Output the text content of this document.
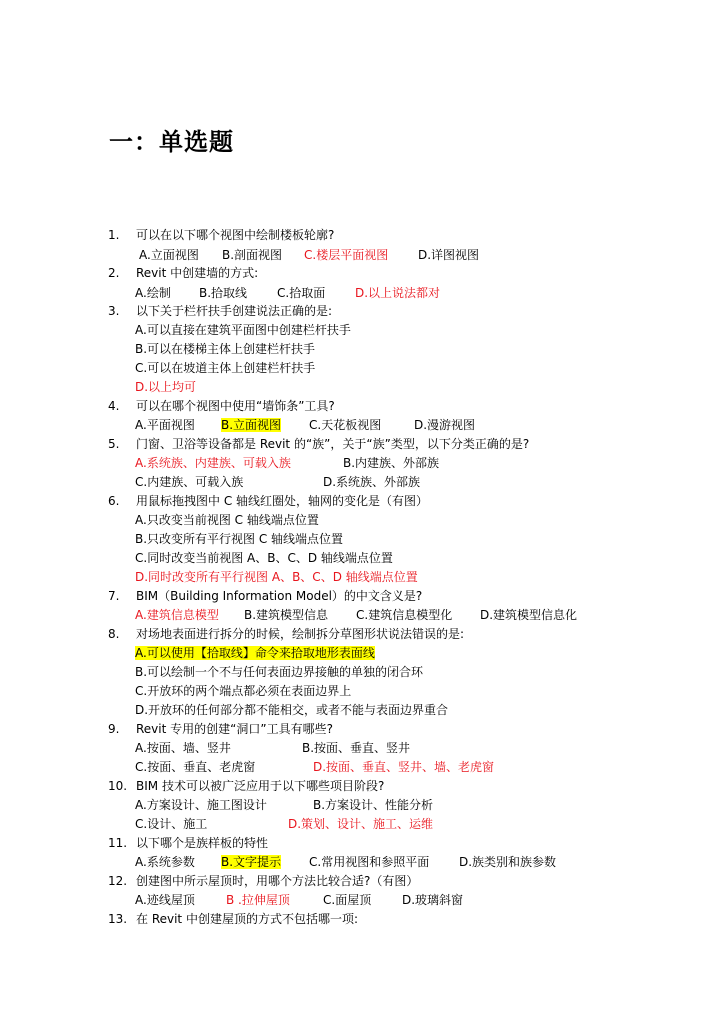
一：单选题
1. 可以在以下哪个视图中绘制楼板轮廓?
A.立面视图 B.剖面视图 C.楼层平面视图 D.详图视图
2. Revit 中创建墙的方式:
A.绘制 B.拾取线 C.拾取面 D.以上说法都对
3. 以下关于栏杆扶手创建说法正确的是:
A.可以直接在建筑平面图中创建栏杆扶手
B.可以在楼梯主体上创建栏杆扶手
C.可以在坡道主体上创建栏杆扶手
D.以上均可
4. 可以在哪个视图中使用“墙饰条”工具?
A.平面视图 B.立面视图 C.天花板视图	D.漫游视图
5. 门窗、卫浴等设备都是 Revit 的“族”，关于“族”类型，以下分类正确的是?
A.系统族、内建族、可载入族	B.内建族、外部族
C.内建族、可载入族	D.系统族、外部族
6. 用鼠标拖拽图中 C 轴线红圈处，轴网的变化是（有图）
A.只改变当前视图 C 轴线端点位置
B.只改变所有平行视图 C 轴线端点位置
C.同时改变当前视图 A、B、C、D 轴线端点位置
D.同时改变所有平行视图 A、B、C、D 轴线端点位置
7. BIM（Building Information Model）的中文含义是?
A.建筑信息模型 B.建筑模型信息 C.建筑信息模型化 D.建筑模型信息化
8. 对场地表面进行拆分的时候，绘制拆分草图形状说法错误的是:
A.可以使用【拾取线】命令来拾取地形表面线
B.可以绘制一个不与任何表面边界接触的单独的闭合环
C.开放环的两个端点都必须在表面边界上
D.开放环的任何部分都不能相交，或者不能与表面边界重合
9. Revit 专用的创建“洞口”工具有哪些?
A.按面、墙、竖井	B.按面、垂直、竖井
C.按面、垂直、老虎窗	D.按面、垂直、竖井、墙、老虎窗
10. BIM 技术可以被广泛应用于以下哪些项目阶段?
A.方案设计、施工图设计	B.方案设计、性能分析
C.设计、施工	D.策划、设计、施工、运维
11. 以下哪个是族样板的特性
A.系统参数 B.文字提示 C.常用视图和参照平面 D.族类别和族参数
12. 创建图中所示屋顶时，用哪个方法比较合适?（有图）
A.迹线屋顶	B .拉伸屋顶	C.面屋顶	D.玻璃斜窗
13. 在 Revit 中创建屋顶的方式不包括哪一项:
